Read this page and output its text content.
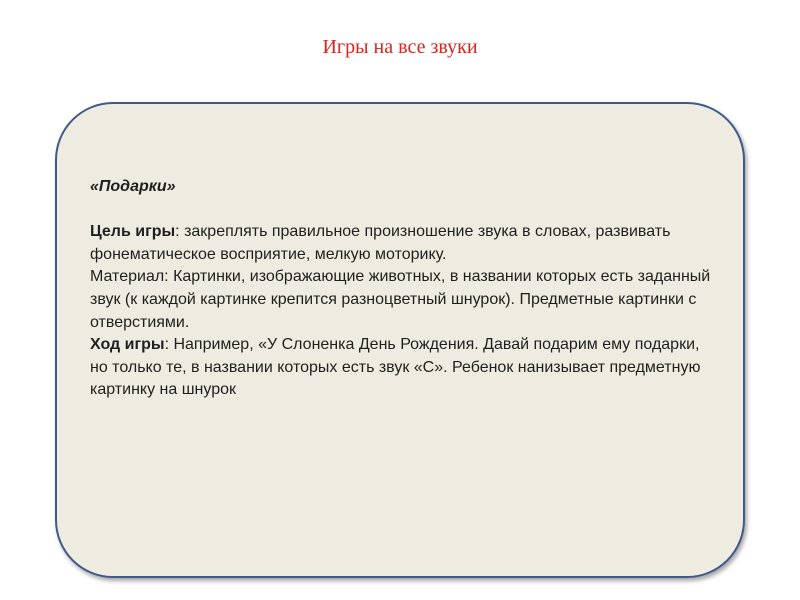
Игры на все звуки

«Подарки»

Цель игры: закреплять правильное произношение звука в словах, развивать фонематическое восприятие, мелкую моторику.

Материал: Картинки, изображающие животных, в названии которых есть заданный звук (к каждой картинке крепится разноцветный шнурок). Предметные картинки с отверстиями.

Ход игры: Например, «У Слоненка День Рождения. Давай подарим ему подарки, но только те, в названии которых есть звук «С». Ребенок нанизывает предметную картинку на шнурок
